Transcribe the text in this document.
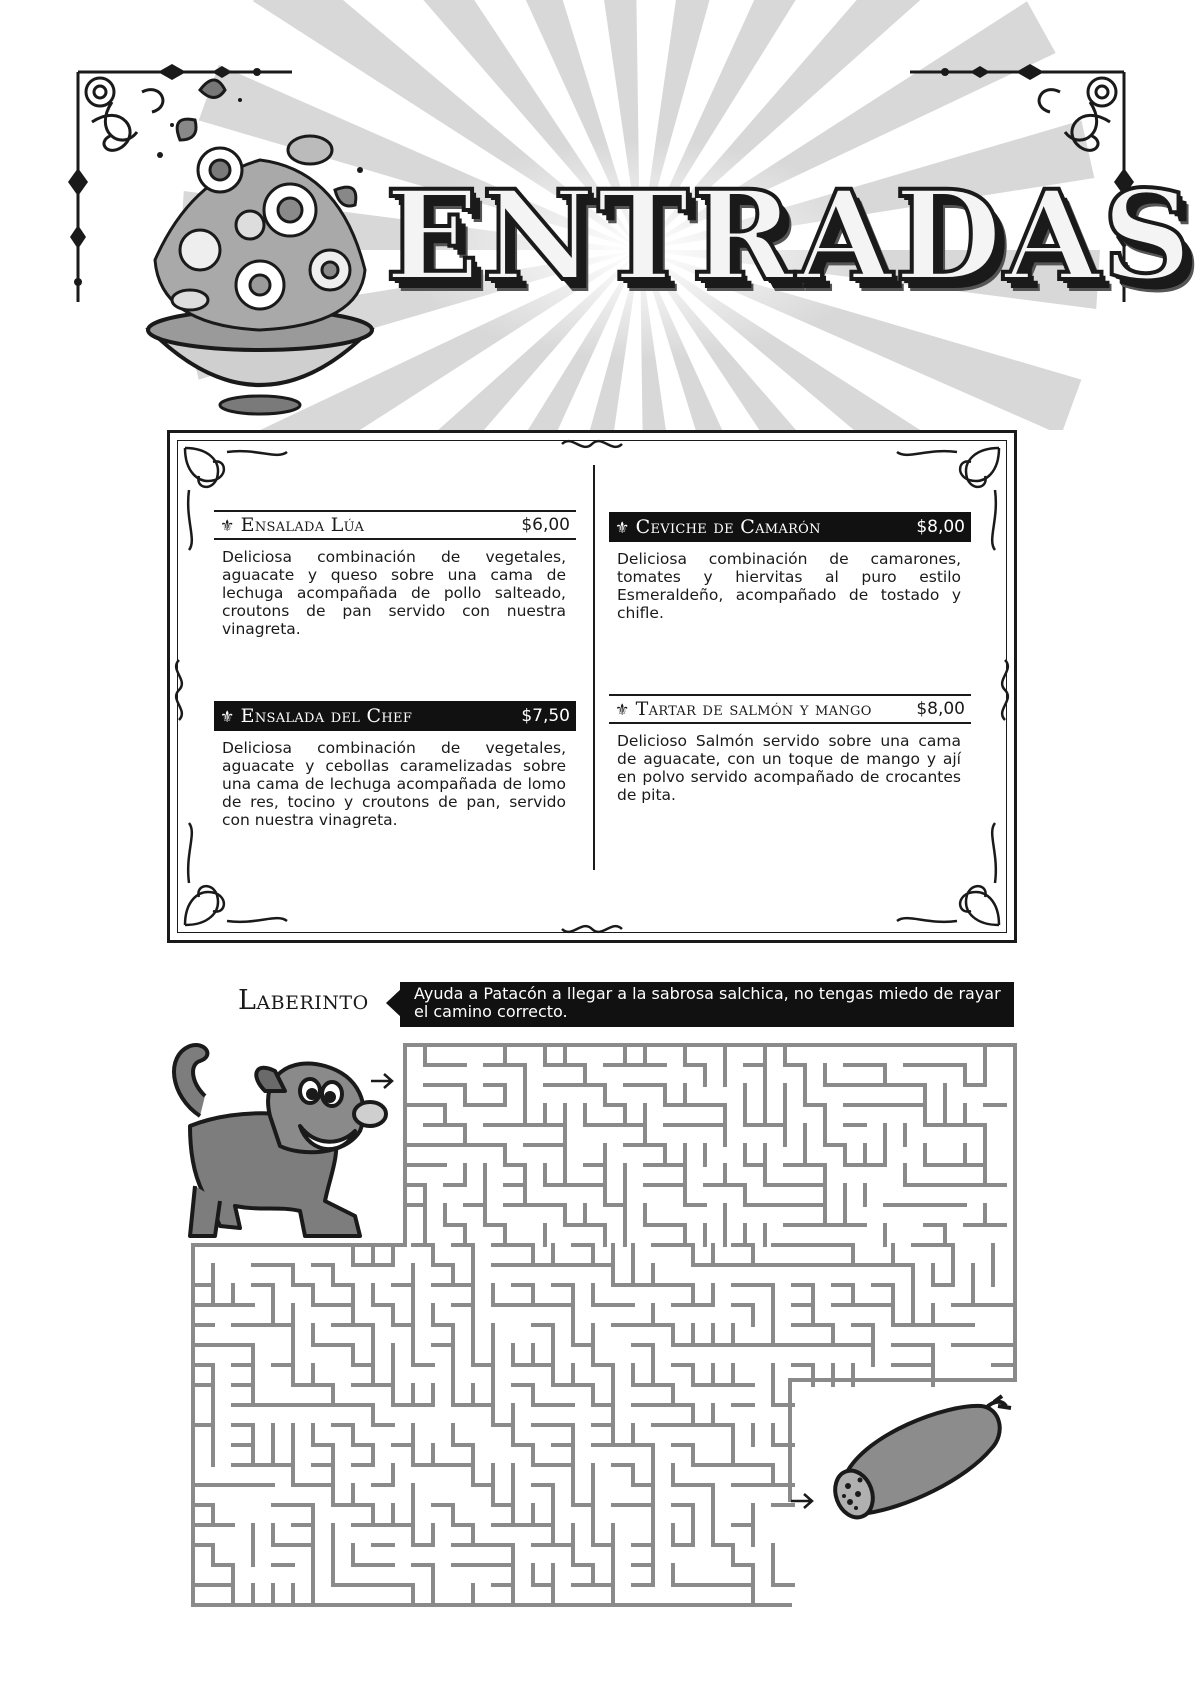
ENTRADAS
⚜ Ensalada Lúa	$6,00
Deliciosa combinación de vegetales, aguacate y queso sobre una cama de lechuga acompañada de pollo salteado, croutons de pan servido con nuestra vinagreta.
⚜ Ensalada del Chef	$7,50
Deliciosa combinación de vegetales, aguacate y cebollas caramelizadas sobre una cama de lechuga acompañada de lomo de res, tocino y croutons de pan, servido con nuestra vinagreta.
⚜ Ceviche de Camarón	$8,00
Deliciosa combinación de camarones, tomates y hiervitas al puro estilo Esmeraldeño, acompañado de tostado y chifle.
⚜ Tartar de salmón y mango	$8,00
Delicioso Salmón servido sobre una cama de aguacate, con un toque de mango y ají en polvo servido acompañado de crocantes de pita.
Laberinto	Ayuda a Patacón a llegar a la sabrosa salchica, no tengas miedo de rayar el camino correcto.
